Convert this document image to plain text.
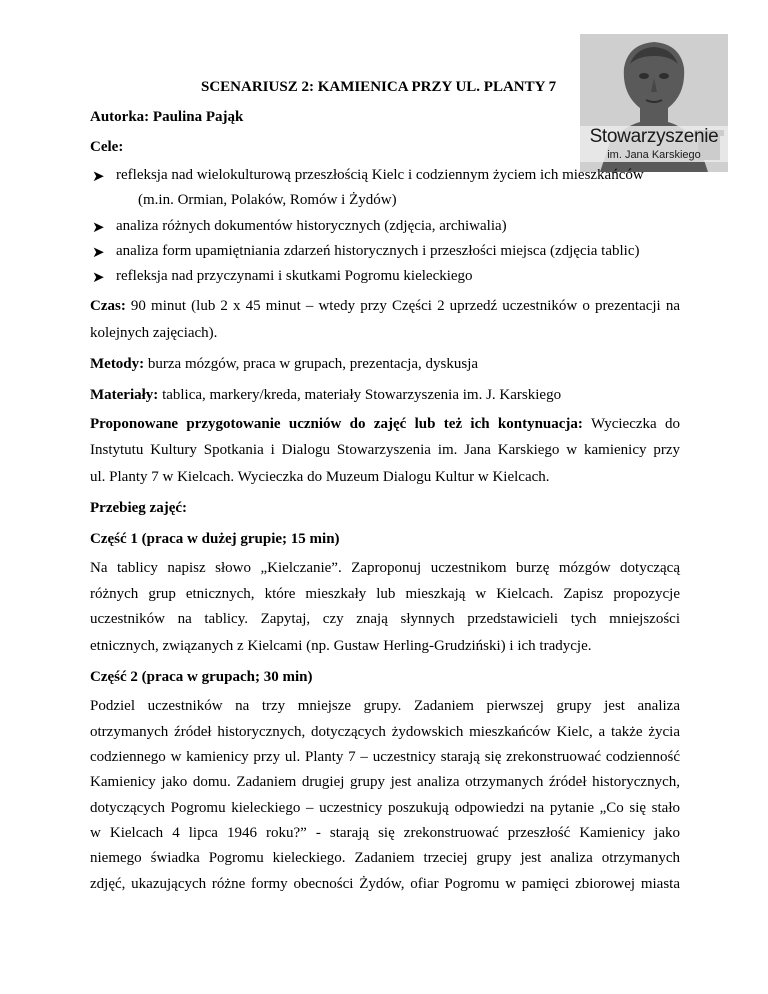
Stowarzyszenie
im. Jana Karskiego
SCENARIUSZ 2: KAMIENICA PRZY UL. PLANTY 7
Autorka: Paulina Pająk
Cele:
➤ refleksja nad wielokulturową przeszłością Kielc i codziennym życiem ich mieszkańców
(m.in. Ormian, Polaków, Romów i Żydów)
➤ analiza różnych dokumentów historycznych (zdjęcia, archiwalia)
➤ analiza form upamiętniania zdarzeń historycznych i przeszłości miejsca (zdjęcia tablic)
➤ refleksja nad przyczynami i skutkami Pogromu kieleckiego
Czas: 90 minut (lub 2 x 45 minut – wtedy przy Części 2 uprzedź uczestników o prezentacji na
kolejnych zajęciach).
Metody: burza mózgów, praca w grupach, prezentacja, dyskusja
Materiały: tablica, markery/kreda, materiały Stowarzyszenia im. J. Karskiego
Proponowane przygotowanie uczniów do zajęć lub też ich kontynuacja: Wycieczka do
Instytutu Kultury Spotkania i Dialogu Stowarzyszenia im. Jana Karskiego w kamienicy przy
ul. Planty 7 w Kielcach. Wycieczka do Muzeum Dialogu Kultur w Kielcach.
Przebieg zajęć:
Część 1 (praca w dużej grupie; 15 min)
Na tablicy napisz słowo „Kielczanie”. Zaproponuj uczestnikom burzę mózgów dotyczącą
różnych grup etnicznych, które mieszkały lub mieszkają w Kielcach. Zapisz propozycje
uczestników na tablicy. Zapytaj, czy znają słynnych przedstawicieli tych mniejszości
etnicznych, związanych z Kielcami (np. Gustaw Herling-Grudziński) i ich tradycje.
Część 2 (praca w grupach; 30 min)
Podziel uczestników na trzy mniejsze grupy. Zadaniem pierwszej grupy jest analiza
otrzymanych źródeł historycznych, dotyczących żydowskich mieszkańców Kielc, a także życia
codziennego w kamienicy przy ul. Planty 7 – uczestnicy starają się zrekonstruować codzienność
Kamienicy jako domu. Zadaniem drugiej grupy jest analiza otrzymanych źródeł historycznych,
dotyczących Pogromu kieleckiego – uczestnicy poszukują odpowiedzi na pytanie „Co się stało
w Kielcach 4 lipca 1946 roku?” - starają się zrekonstruować przeszłość Kamienicy jako
niemego świadka Pogromu kieleckiego. Zadaniem trzeciej grupy jest analiza otrzymanych
zdjęć, ukazujących różne formy obecności Żydów, ofiar Pogromu w pamięci zbiorowej miasta
